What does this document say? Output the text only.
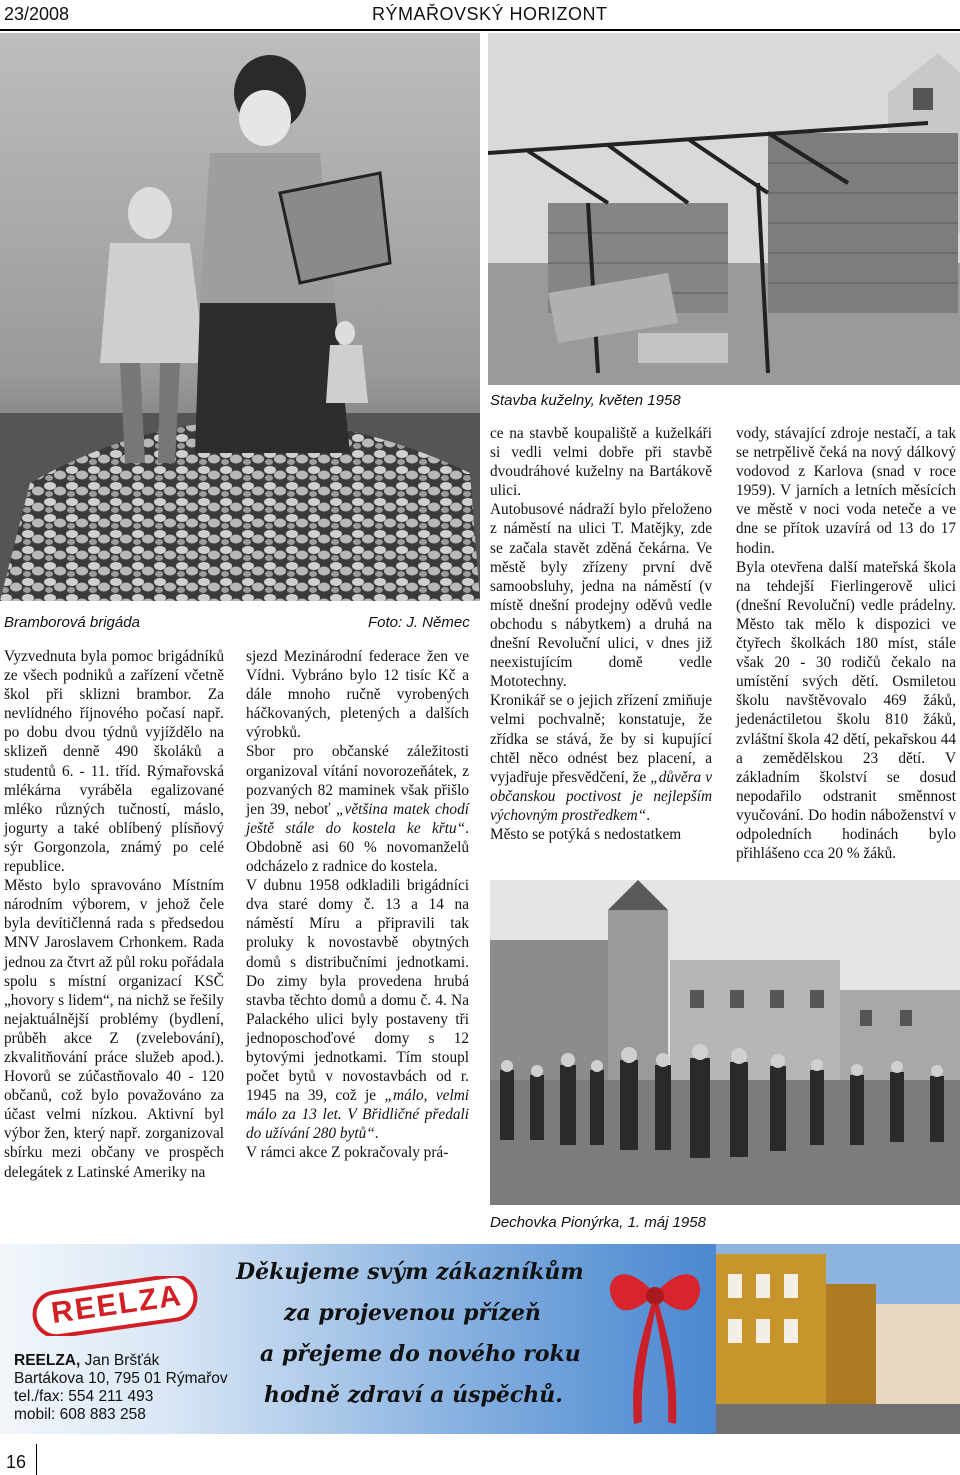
23/2008	RÝMAŘOVSKÝ HORIZONT
Bramborová brigáda	Foto: J. Němec
Stavba kuželny, květen 1958

Vyzvednuta byla pomoc brigádníků ze všech podniků a zařízení včetně škol při sklizni brambor. Za nevlídného říjnového počasí např. po dobu dvou týdnů vyjíždělo na sklizeň denně 490 školáků a studentů 6. - 11. tříd. Rýmařovská mlékárna vyráběla egalizované mléko různých tučností, máslo, jogurty a také oblíbený plísňový sýr Gorgonzola, známý po celé republice.

Město bylo spravováno Místním národním výborem, v jehož čele byla devítičlenná rada s předsedou MNV Jaroslavem Crhonkem. Rada jednou za čtvrt až půl roku pořádala spolu s místní organizací KSČ „hovory s lidem“, na nichž se řešily nejaktuálnější problémy (bydlení, průběh akce Z (zvelebování), zkvalitňování práce služeb apod.). Hovorů se zúčastňovalo 40 - 120 občanů, což bylo považováno za účast velmi nízkou. Aktivní byl výbor žen, který např. zorganizoval sbírku mezi občany ve prospěch delegátek z Latinské Ameriky na

sjezd Mezinárodní federace žen ve Vídni. Vybráno bylo 12 tisíc Kč a dále mnoho ručně vyrobených háčkovaných, pletených a dalších výrobků.

Sbor pro občanské záležitosti organizoval vítání novorozeňátek, z pozvaných 82 maminek však přišlo jen 39, neboť „většina matek chodí ještě stále do kostela ke křtu“. Obdobně asi 60 % novomanželů odcházelo z radnice do kostela.

V dubnu 1958 odkladili brigádníci dva staré domy č. 13 a 14 na náměstí Míru a připravili tak proluky k novostavbě obytných domů s distribučními jednotkami. Do zimy byla provedena hrubá stavba těchto domů a domu č. 4. Na Palackého ulici byly postaveny tři jednoposchoďové domy s 12 bytovými jednotkami. Tím stoupl počet bytů v novostavbách od r. 1945 na 39, což je „málo, velmi málo za 13 let. V Břidličné předali do užívání 280 bytů“.

V rámci akce Z pokračovaly prá-

ce na stavbě koupaliště a kuželkáři si vedli velmi dobře při stavbě dvoudráhové kuželny na Bartákově ulici.

Autobusové nádraží bylo přeloženo z náměstí na ulici T. Matějky, zde se začala stavět zděná čekárna. Ve městě byly zřízeny první dvě samoobsluhy, jedna na náměstí (v místě dnešní prodejny oděvů vedle obchodu s nábytkem) a druhá na dnešní Revoluční ulici, v dnes již neexistujícím domě vedle Mototechny.

Kronikář se o jejich zřízení zmiňuje velmi pochvalně; konstatuje, že zřídka se stává, že by si kupující chtěl něco odnést bez placení, a vyjadřuje přesvědčení, že „důvěra v občanskou poctivost je nejlepším výchovným prostředkem“.

Město se potýká s nedostatkem

vody, stávající zdroje nestačí, a tak se netrpělivě čeká na nový dálkový vodovod z Karlova (snad v roce 1959). V jarních a letních měsících ve městě v noci voda neteče a ve dne se přítok uzavírá od 13 do 17 hodin.

Byla otevřena další mateřská škola na tehdejší Fierlingerově ulici (dnešní Revoluční) vedle prádelny. Město tak mělo k dispozici ve čtyřech školkách 180 míst, stále však 20 - 30 rodičů čekalo na umístění svých dětí. Osmiletou školu navštěvovalo 469 žáků, jedenáctiletou školu 810 žáků, zvláštní škola 42 dětí, pekařskou 44 a zemědělskou 23 dětí. V základním školství se dosud nepodařilo odstranit směnnost vyučování. Do hodin náboženství v odpoledních hodinách bylo přihlášeno cca 20 % žáků.

Dechovka Pionýrka, 1. máj 1958
REELZA
REELZA, Jan Bršťák
Bartákova 10, 795 01 Rýmařov
tel./fax: 554 211 493
mobil: 608 883 258
Děkujeme svým zákazníkům
za projevenou přízeň
a přejeme do nového roku
hodně zdraví a úspěchů.
16
